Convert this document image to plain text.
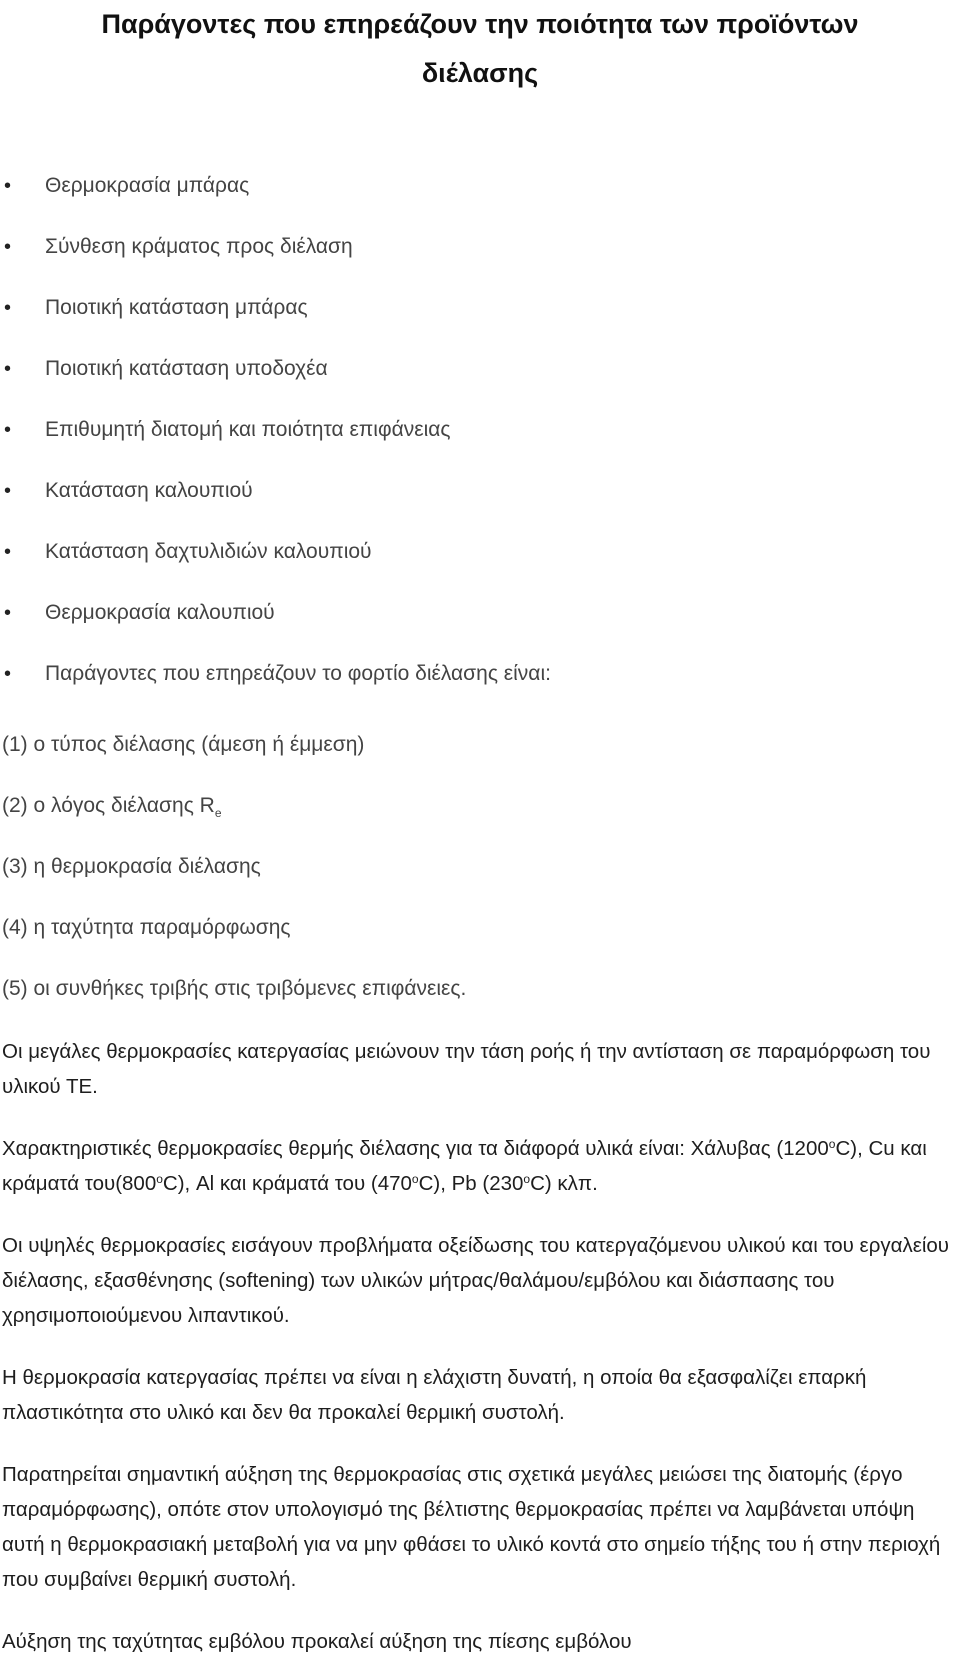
Παράγοντες που επηρεάζουν την ποιότητα των προϊόντων
διέλασης
• Θερμοκρασία μπάρας
• Σύνθεση κράματος προς διέλαση
• Ποιοτική κατάσταση μπάρας
• Ποιοτική κατάσταση υποδοχέα
• Επιθυμητή διατομή και ποιότητα επιφάνειας
• Κατάσταση καλουπιού
• Κατάσταση δαχτυλιδιών καλουπιού
• Θερμοκρασία καλουπιού
• Παράγοντες που επηρεάζουν το φορτίο διέλασης είναι:
(1) ο τύπος διέλασης (άμεση ή έμμεση)
(2) ο λόγος διέλασης $R_e$
(3) η θερμοκρασία διέλασης
(4) η ταχύτητα παραμόρφωσης
(5) οι συνθήκες τριβής στις τριβόμενες επιφάνειες.

Οι μεγάλες θερμοκρασίες κατεργασίας μειώνουν την τάση ροής ή την αντίσταση σε παραμόρφωση του υλικού ΤΕ.

Χαρακτηριστικές θερμοκρασίες θερμής διέλασης για τα διάφορά υλικά είναι: Χάλυβας (1200$^o$C), Cu και κράματά του(800$^o$C), Al και κράματά του (470$^o$C), Pb (230$^o$C) κλπ.

Οι υψηλές θερμοκρασίες εισάγουν προβλήματα οξείδωσης του κατεργαζόμενου υλικού και του εργαλείου διέλασης, εξασθένησης (softening) των υλικών μήτρας/θαλάμου/εμβόλου και διάσπασης του χρησιμοποιούμενου λιπαντικού.

Η θερμοκρασία κατεργασίας πρέπει να είναι η ελάχιστη δυνατή, η οποία θα εξασφαλίζει επαρκή πλαστικότητα στο υλικό και δεν θα προκαλεί θερμική συστολή.

Παρατηρείται σημαντική αύξηση της θερμοκρασίας στις σχετικά μεγάλες μειώσει της διατομής (έργο παραμόρφωσης), οπότε στον υπολογισμό της βέλτιστης θερμοκρασίας πρέπει να λαμβάνεται υπόψη αυτή η θερμοκρασιακή μεταβολή για να μην φθάσει το υλικό κοντά στο σημείο τήξης του ή στην περιοχή που συμβαίνει θερμική συστολή.

Αύξηση της ταχύτητας εμβόλου προκαλεί αύξηση της πίεσης εμβόλου
